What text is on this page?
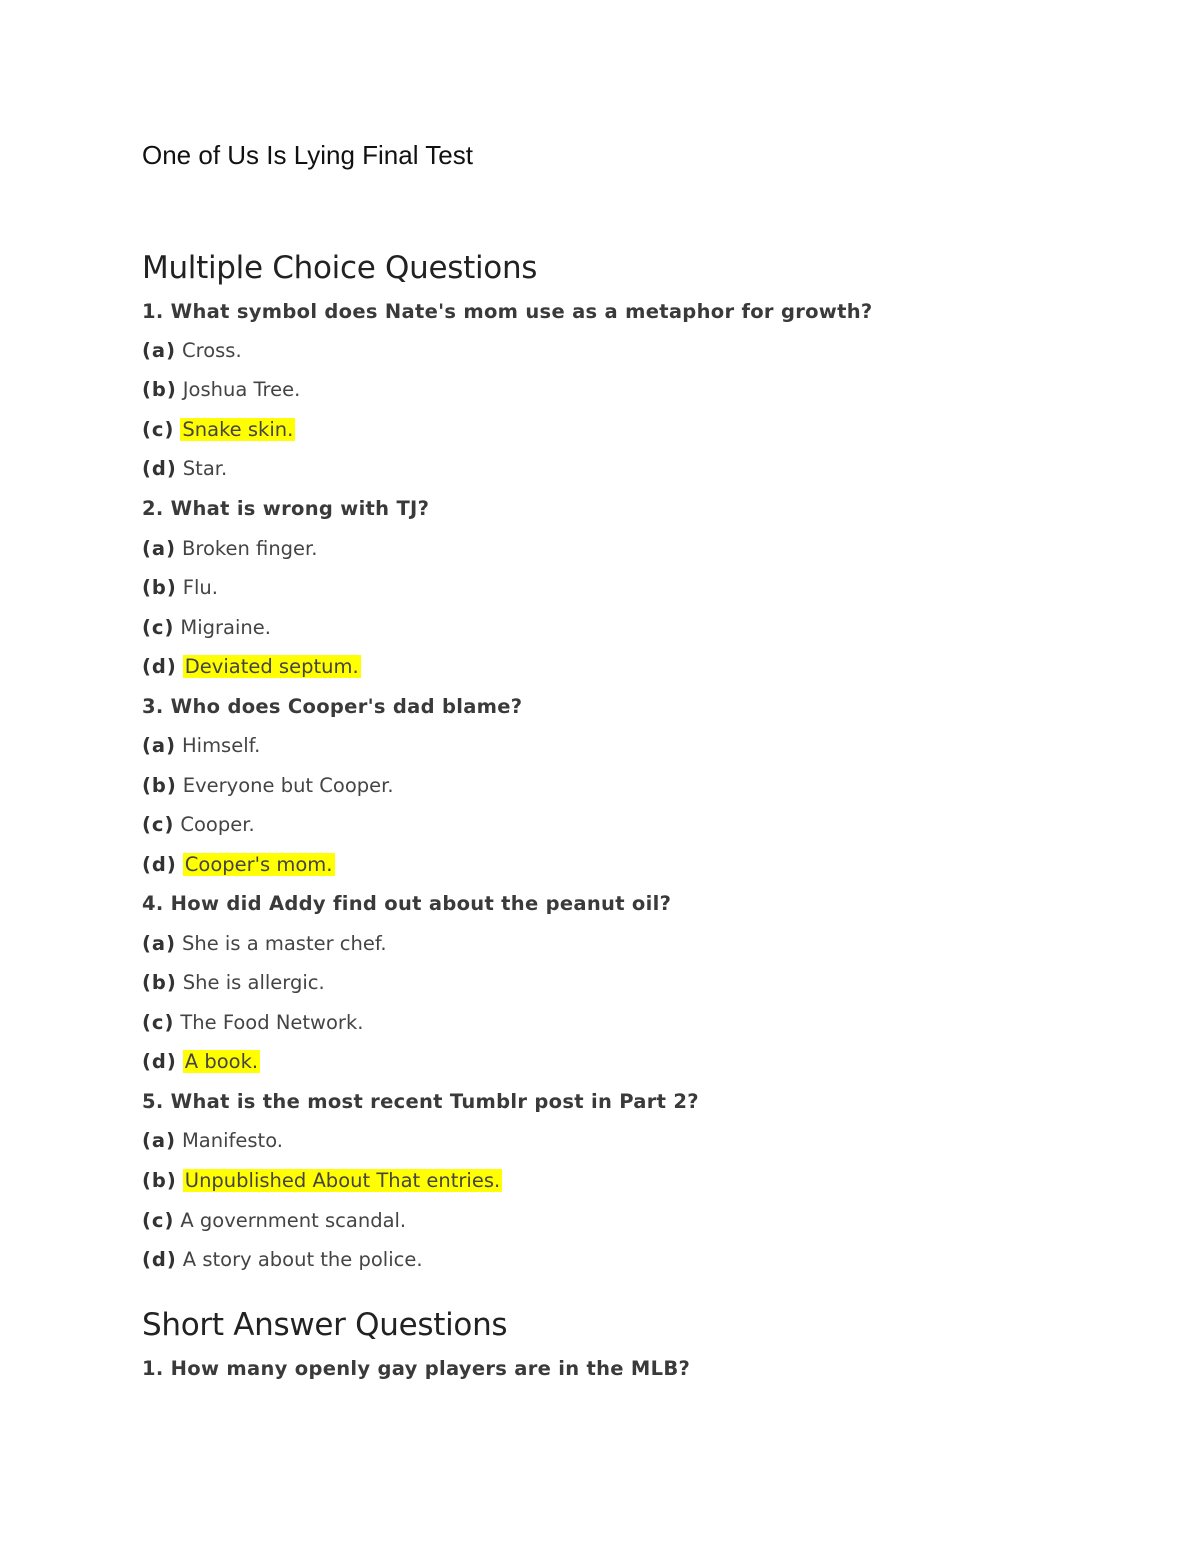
One of Us Is Lying Final Test
Multiple Choice Questions
1. What symbol does Nate's mom use as a metaphor for growth?
(a) Cross.
(b) Joshua Tree.
(c) Snake skin.
(d) Star.
2. What is wrong with TJ?
(a) Broken finger.
(b) Flu.
(c) Migraine.
(d) Deviated septum.
3. Who does Cooper's dad blame?
(a) Himself.
(b) Everyone but Cooper.
(c) Cooper.
(d) Cooper's mom.
4. How did Addy find out about the peanut oil?
(a) She is a master chef.
(b) She is allergic.
(c) The Food Network.
(d) A book.
5. What is the most recent Tumblr post in Part 2?
(a) Manifesto.
(b) Unpublished About That entries.
(c) A government scandal.
(d) A story about the police.
Short Answer Questions
1. How many openly gay players are in the MLB?
